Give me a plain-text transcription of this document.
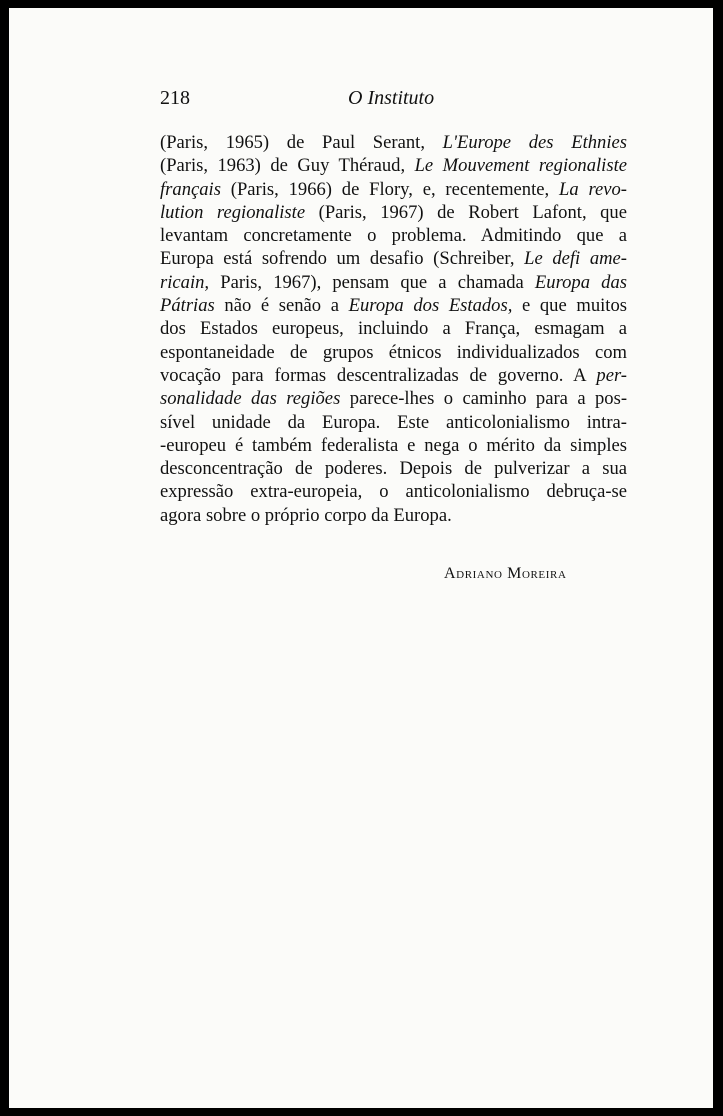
218	O Instituto
(Paris, 1965) de Paul Serant, L'Europe des Ethnies
(Paris, 1963) de Guy Théraud, Le Mouvement regionaliste
français (Paris, 1966) de Flory, e, recentemente, La revo-
lution regionaliste (Paris, 1967) de Robert Lafont, que
levantam concretamente o problema. Admitindo que a
Europa está sofrendo um desafio (Schreiber, Le defi ame-
ricain, Paris, 1967), pensam que a chamada Europa das
Pátrias não é senão a Europa dos Estados, e que muitos
dos Estados europeus, incluindo a França, esmagam a
espontaneidade de grupos étnicos individualizados com
vocação para formas descentralizadas de governo. A per-
sonalidade das regiões parece-lhes o caminho para a pos-
sível unidade da Europa. Este anticolonialismo intra-
-europeu é também federalista e nega o mérito da simples
desconcentração de poderes. Depois de pulverizar a sua
expressão extra-europeia, o anticolonialismo debruça-se
agora sobre o próprio corpo da Europa.
Adriano Moreira
